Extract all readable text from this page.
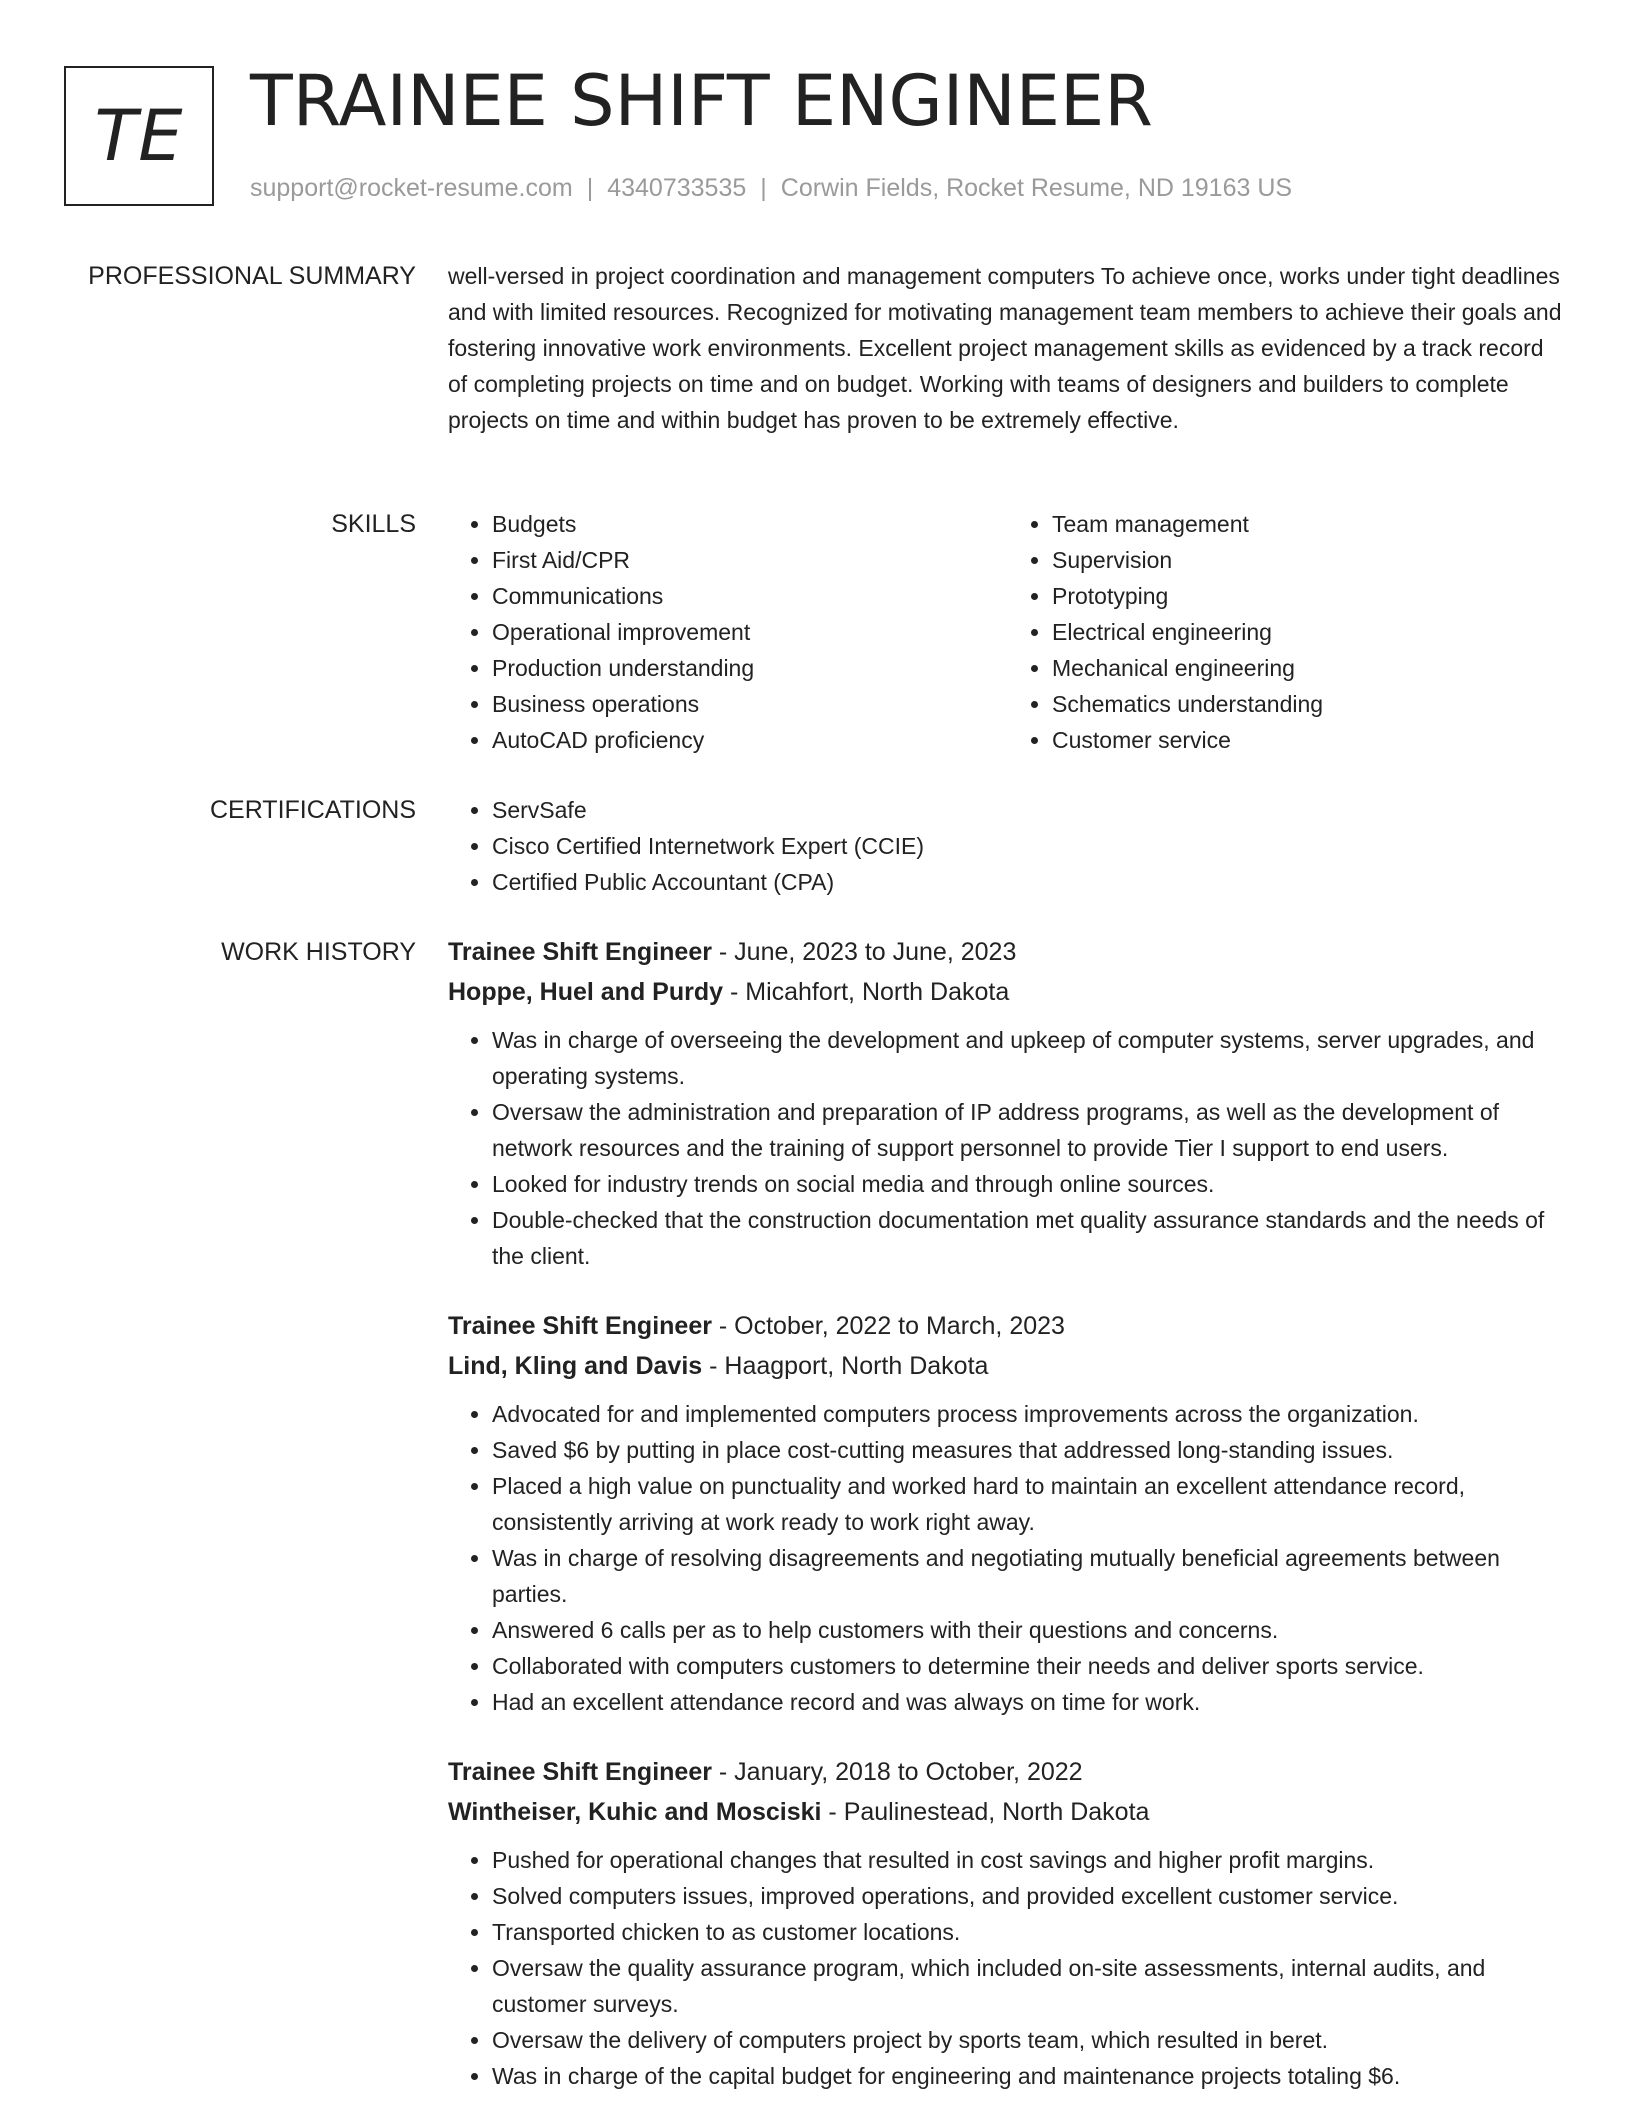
TE TRAINEE SHIFT ENGINEER
support@rocket-resume.com | 4340733535 | Corwin Fields, Rocket Resume, ND 19163 US
PROFESSIONAL SUMMARY well-versed in project coordination and management computers To achieve once, works under tight deadlines and with limited resources. Recognized for motivating management team members to achieve their goals and fostering innovative work environments. Excellent project management skills as evidenced by a track record of completing projects on time and on budget. Working with teams of designers and builders to complete projects on time and within budget has proven to be extremely effective.

SKILLS	• Budgets
• First Aid/CPR
• Communications
• Operational improvement
• Production understanding
• Business operations
• AutoCAD proficiency
• Team management
• Supervision
• Prototyping
• Electrical engineering
• Mechanical engineering
• Schematics understanding
• Customer service
CERTIFICATIONS	• ServSafe
• Cisco Certified Internetwork Expert (CCIE)
• Certified Public Accountant (CPA)
WORK HISTORY Trainee Shift Engineer - June, 2023 to June, 2023
Hoppe, Huel and Purdy - Micahfort, North Dakota
• Was in charge of overseeing the development and upkeep of computer systems, server upgrades, and operating systems.
• Oversaw the administration and preparation of IP address programs, as well as the development of network resources and the training of support personnel to provide Tier I support to end users.
• Looked for industry trends on social media and through online sources.
• Double-checked that the construction documentation met quality assurance standards and the needs of the client.
Trainee Shift Engineer - October, 2022 to March, 2023
Lind, Kling and Davis - Haagport, North Dakota
• Advocated for and implemented computers process improvements across the organization.
• Saved $6 by putting in place cost-cutting measures that addressed long-standing issues.
• Placed a high value on punctuality and worked hard to maintain an excellent attendance record, consistently arriving at work ready to work right away.
• Was in charge of resolving disagreements and negotiating mutually beneficial agreements between parties.
• Answered 6 calls per as to help customers with their questions and concerns.
• Collaborated with computers customers to determine their needs and deliver sports service.
• Had an excellent attendance record and was always on time for work.
Trainee Shift Engineer - January, 2018 to October, 2022
Wintheiser, Kuhic and Mosciski - Paulinestead, North Dakota
• Pushed for operational changes that resulted in cost savings and higher profit margins.
• Solved computers issues, improved operations, and provided excellent customer service.
• Transported chicken to as customer locations.
• Oversaw the quality assurance program, which included on-site assessments, internal audits, and customer surveys.
• Oversaw the delivery of computers project by sports team, which resulted in beret.
• Was in charge of the capital budget for engineering and maintenance projects totaling $6.
